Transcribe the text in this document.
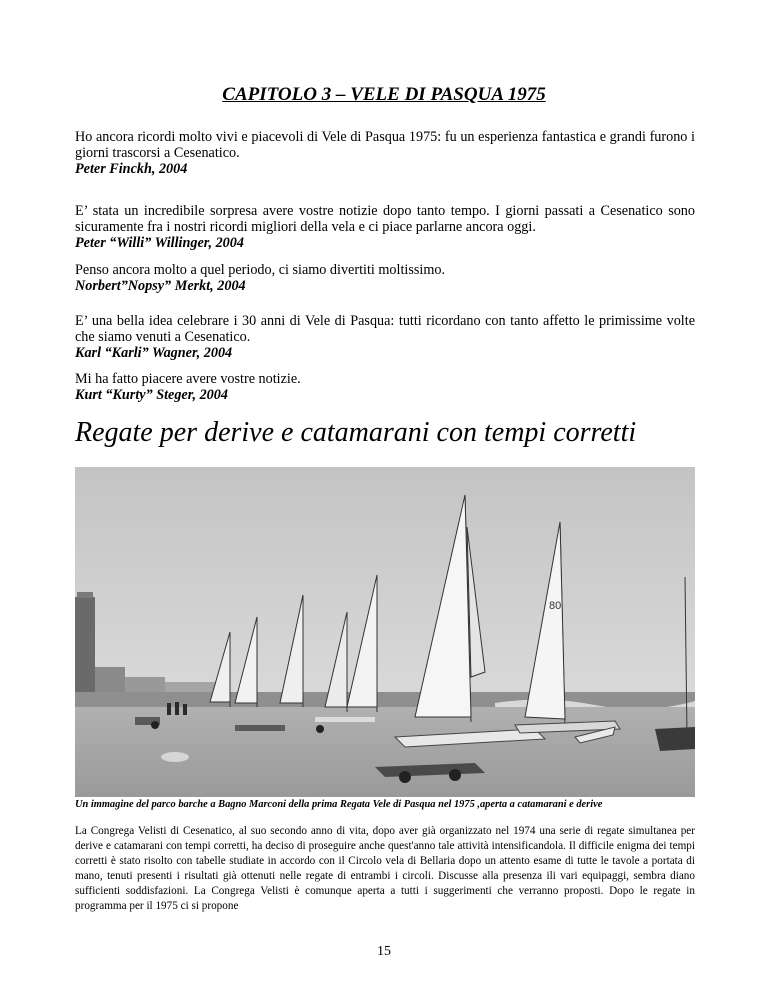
CAPITOLO 3 – VELE DI PASQUA 1975
Ho ancora ricordi molto vivi e piacevoli di Vele di Pasqua 1975: fu un esperienza fantastica e grandi furono i giorni trascorsi a Cesenatico.
Peter Finckh, 2004
E’ stata un incredibile sorpresa avere vostre notizie dopo tanto tempo. I giorni passati a Cesenatico sono sicuramente fra i nostri ricordi migliori della vela e ci piace parlarne ancora oggi.
Peter “Willi” Willinger, 2004
Penso ancora molto a quel periodo, ci siamo divertiti moltissimo.
Norbert”Nopsy” Merkt, 2004
E’ una bella idea celebrare i 30 anni di Vele di Pasqua: tutti ricordano con tanto affetto le primissime volte che siamo venuti a Cesenatico.
Karl “Karli” Wagner, 2004
Mi ha fatto piacere avere vostre notizie.
Kurt “Kurty” Steger, 2004
Regate per derive e catamarani con tempi corretti
80
Un immagine del parco barche a Bagno Marconi della prima Regata Vele di Pasqua nel 1975 ,aperta a catamarani e derive
La Congrega Velisti di Cesenatico, al suo secondo anno di vita, dopo aver già organizzato nel 1974 una serie di regate simultanea per derive e catamarani con tempi corretti, ha deciso di proseguire anche quest'anno tale attività intensificandola. Il difficile enigma dei tempi corretti è stato risolto con tabelle studiate in accordo con il Circolo vela di Bellaria dopo un attento esame di tutte le tavole a portata di mano, tenuti presenti i risultati già ottenuti nelle regate di entrambi i circoli. Discusse alla presenza ili vari equipaggi, sembra diano sufficienti soddisfazioni. La Congrega Velisti è comunque aperta a tutti i suggerimenti che verranno proposti. Dopo le regate in programma per il 1975 ci si propone
15
